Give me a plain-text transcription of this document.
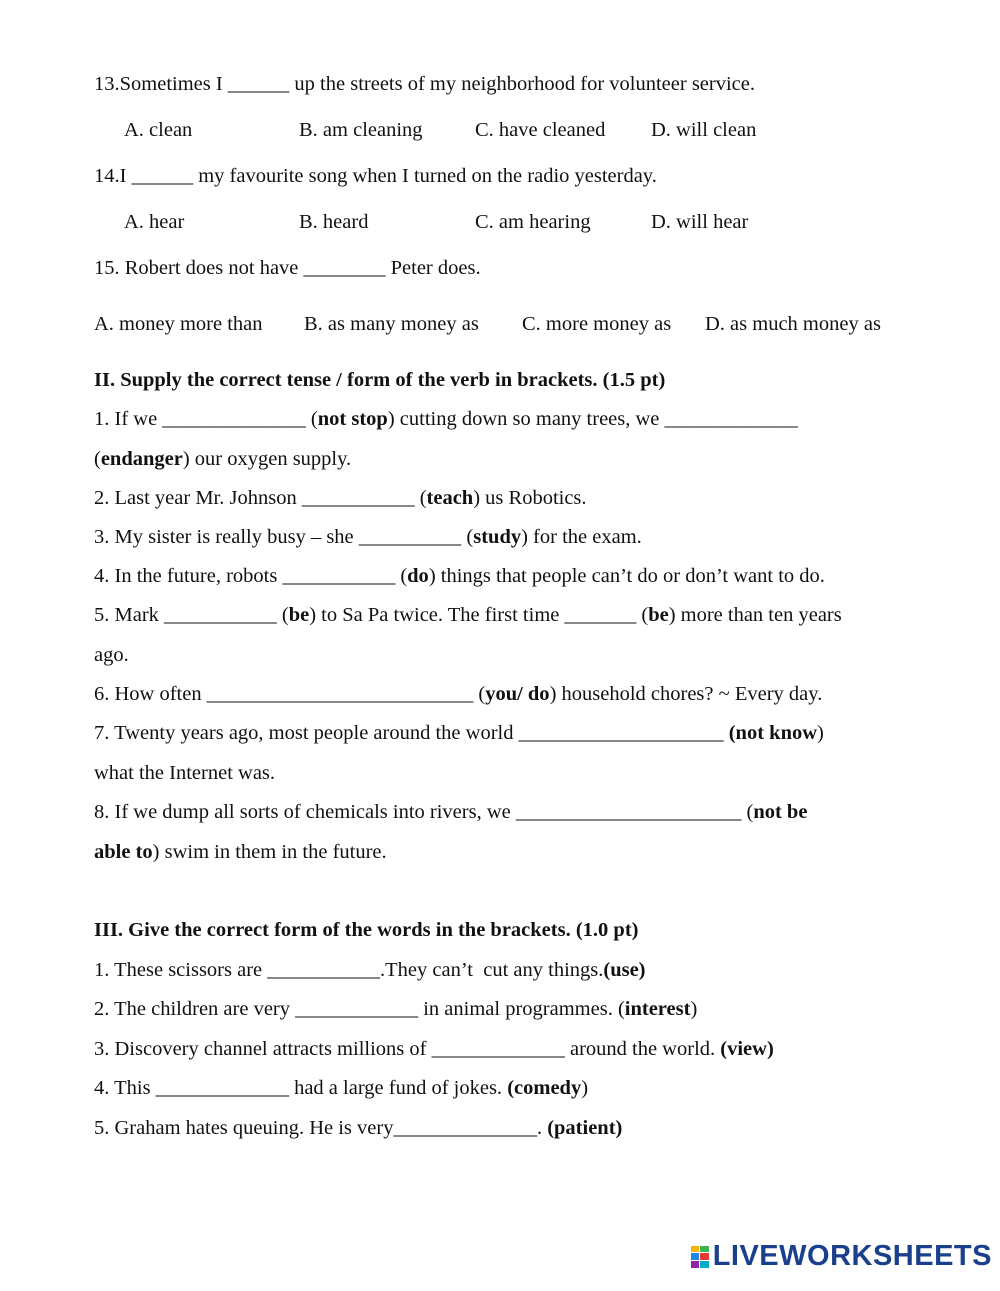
13.Sometimes I ______ up the streets of my neighborhood for volunteer service.
A. clean	B. am cleaning	C. have cleaned D. will clean
14.I ______ my favourite song when I turned on the radio yesterday.
A. hear	B. heard	C. am hearing	D. will hear
15. Robert does not have ________ Peter does.
A. money more than B. as many money as C. more money as D. as much money as
II. Supply the correct tense / form of the verb in brackets. (1.5 pt)
1. If we ______________ (not stop) cutting down so many trees, we _____________
(endanger) our oxygen supply.
2. Last year Mr. Johnson ___________ (teach) us Robotics.
3. My sister is really busy – she __________ (study) for the exam.
4. In the future, robots ___________ (do) things that people can’t do or don’t want to do.
5. Mark ___________ (be) to Sa Pa twice. The first time _______ (be) more than ten years
ago.
6. How often __________________________ (you/ do) household chores? ~ Every day.
7. Twenty years ago, most people around the world ____________________ (not know)
what the Internet was.
8. If we dump all sorts of chemicals into rivers, we ______________________ (not be
able to) swim in them in the future.
III. Give the correct form of the words in the brackets. (1.0 pt)
1. These scissors are ___________.They can’t  cut any things.(use)
2. The children are very ____________ in animal programmes. (interest)
3. Discovery channel attracts millions of _____________ around the world. (view)
4. This _____________ had a large fund of jokes. (comedy)
5. Graham hates queuing. He is very______________. (patient)
LIVEWORKSHEETS
